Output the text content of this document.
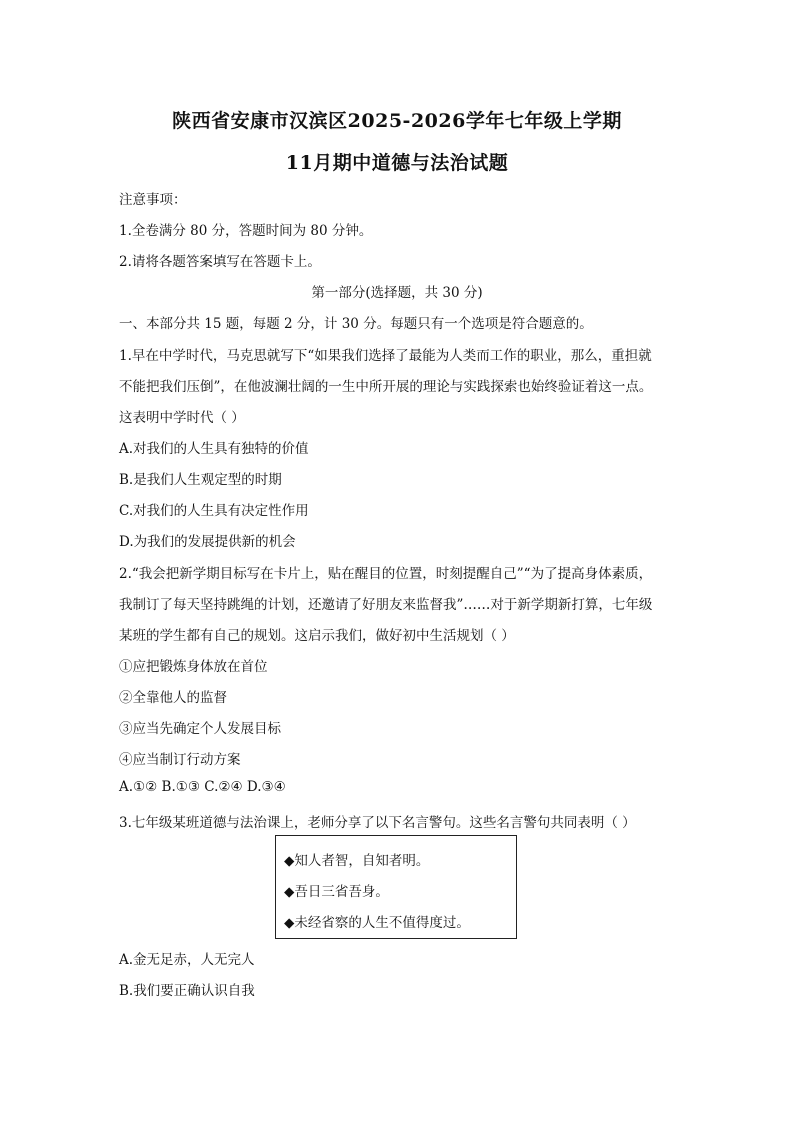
陕西省安康市汉滨区2025-2026学年七年级上学期
11月期中道德与法治试题
注意事项：
1.全卷满分 80 分，答题时间为 80 分钟。
2.请将各题答案填写在答题卡上。
第一部分(选择题，共 30 分)
一、本部分共 15 题，每题 2 分，计 30 分。每题只有一个选项是符合题意的。
1.早在中学时代，马克思就写下“如果我们选择了最能为人类而工作的职业，那么，重担就
不能把我们压倒”，在他波澜壮阔的一生中所开展的理论与实践探索也始终验证着这一点。
这表明中学时代（ ）
A.对我们的人生具有独特的价值
B.是我们人生观定型的时期
C.对我们的人生具有决定性作用
D.为我们的发展提供新的机会
2.“我会把新学期目标写在卡片上，贴在醒目的位置，时刻提醒自己”“为了提高身体素质，
我制订了每天坚持跳绳的计划，还邀请了好朋友来监督我”……对于新学期新打算，七年级
某班的学生都有自己的规划。这启示我们，做好初中生活规划（ ）
①应把锻炼身体放在首位
②全靠他人的监督
③应当先确定个人发展目标
④应当制订行动方案
A.①② B.①③ C.②④ D.③④
3.七年级某班道德与法治课上，老师分享了以下名言警句。这些名言警句共同表明（ ）
◆知人者智，自知者明。
◆吾日三省吾身。
◆未经省察的人生不值得度过。
A.金无足赤，人无完人
B.我们要正确认识自我
